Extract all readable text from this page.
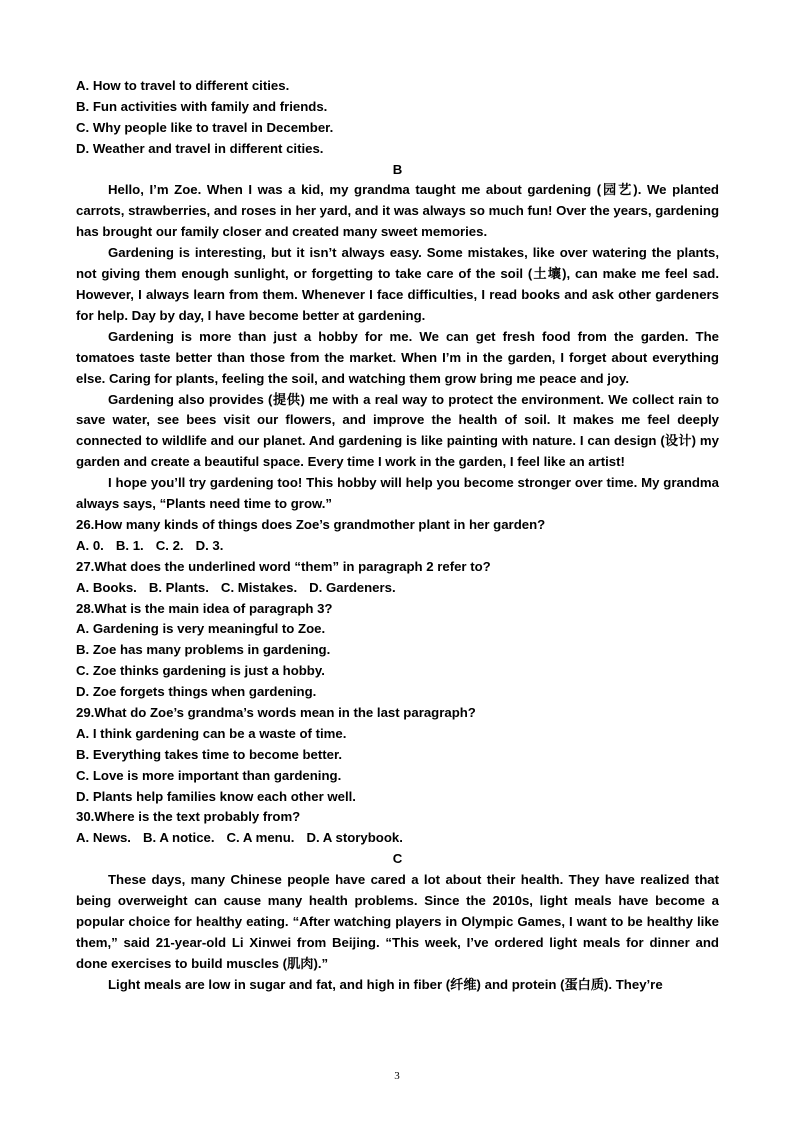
A. How to travel to different cities.
B. Fun activities with family and friends.
C. Why people like to travel in December.
D. Weather and travel in different cities.
B
Hello, I’m Zoe. When I was a kid, my grandma taught me about gardening (园艺). We planted carrots, strawberries, and roses in her yard, and it was always so much fun! Over the years, gardening has brought our family closer and created many sweet memories.
Gardening is interesting, but it isn’t always easy. Some mistakes, like over watering the plants, not giving them enough sunlight, or forgetting to take care of the soil (土壤), can make me feel sad. However, I always learn from them. Whenever I face difficulties, I read books and ask other gardeners for help. Day by day, I have become better at gardening.
Gardening is more than just a hobby for me. We can get fresh food from the garden. The tomatoes taste better than those from the market. When I’m in the garden, I forget about everything else. Caring for plants, feeling the soil, and watching them grow bring me peace and joy.
Gardening also provides (提供) me with a real way to protect the environment. We collect rain to save water, see bees visit our flowers, and improve the health of soil. It makes me feel deeply connected to wildlife and our planet. And gardening is like painting with nature. I can design (设计) my garden and create a beautiful space. Every time I work in the garden, I feel like an artist!
I hope you’ll try gardening too! This hobby will help you become stronger over time. My grandma always says, “Plants need time to grow.”
26.How many kinds of things does Zoe’s grandmother plant in her garden?
A. 0. B. 1. C. 2. D. 3.
27.What does the underlined word “them” in paragraph 2 refer to?
A. Books. B. Plants. C. Mistakes. D. Gardeners.
28.What is the main idea of paragraph 3?
A. Gardening is very meaningful to Zoe.
B. Zoe has many problems in gardening.
C. Zoe thinks gardening is just a hobby.
D. Zoe forgets things when gardening.
29.What do Zoe’s grandma’s words mean in the last paragraph?
A. I think gardening can be a waste of time.
B. Everything takes time to become better.
C. Love is more important than gardening.
D. Plants help families know each other well.
30.Where is the text probably from?
A. News. B. A notice. C. A menu. D. A storybook.
C
These days, many Chinese people have cared a lot about their health. They have realized that being overweight can cause many health problems. Since the 2010s, light meals have become a popular choice for healthy eating. “After watching players in Olympic Games, I want to be healthy like them,” said 21-year-old Li Xinwei from Beijing. “This week, I’ve ordered light meals for dinner and done exercises to build muscles (肌肉).”
Light meals are low in sugar and fat, and high in fiber (纤维) and protein (蛋白质). They’re
3
